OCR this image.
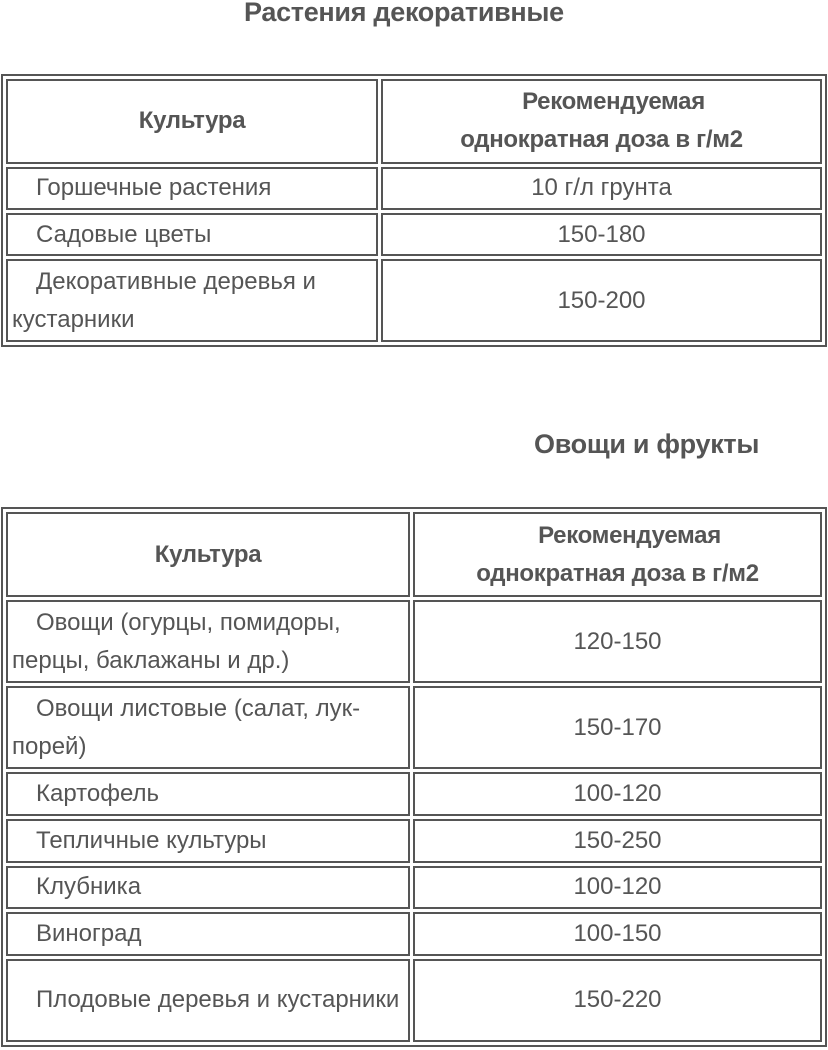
Растения декоративные
Культура	Рекомендуемая однократная доза в г/м2
Горшечные растения	10 г/л грунта
Садовые цветы	150-180
Декоративные деревья и кустарники	150-200
Овощи и фрукты
Культура	Рекомендуемая однократная доза в г/м2
Овощи (огурцы, помидоры, перцы, баклажаны и др.)	120-150
Овощи листовые (салат, лук-порей)	150-170
Картофель	100-120
Тепличные культуры	150-250
Клубника	100-120
Виноград	100-150
Плодовые деревья и кустарники	150-220
